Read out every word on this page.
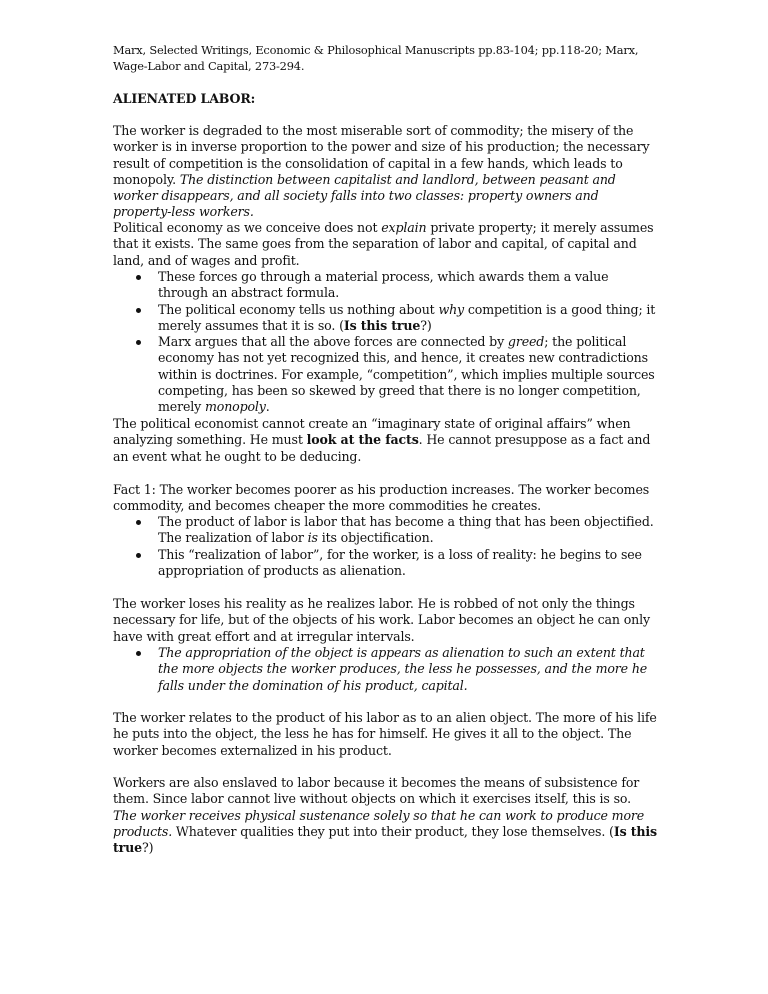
Marx, Selected Writings, Economic & Philosophical Manuscripts pp.83-104; pp.118-20; Marx, Wage-Labor and Capital, 273-294.

ALIENATED LABOR:

The worker is degraded to the most miserable sort of commodity; the misery of the worker is in inverse proportion to the power and size of his production; the necessary result of competition is the consolidation of capital in a few hands, which leads to monopoly. The distinction between capitalist and landlord, between peasant and worker disappears, and all society falls into two classes: property owners and property-less workers.

Political economy as we conceive does not explain private property; it merely assumes that it exists. The same goes from the separation of labor and capital, of capital and land, and of wages and profit.

These forces go through a material process, which awards them a value through an abstract formula.
The political economy tells us nothing about why competition is a good thing; it merely assumes that it is so. (Is this true?)
Marx argues that all the above forces are connected by greed; the political economy has not yet recognized this, and hence, it creates new contradictions within is doctrines. For example, “competition”, which implies multiple sources competing, has been so skewed by greed that there is no longer competition, merely monopoly.

The political economist cannot create an “imaginary state of original affairs” when analyzing something. He must look at the facts. He cannot presuppose as a fact and an event what he ought to be deducing.

Fact 1: The worker becomes poorer as his production increases. The worker becomes commodity, and becomes cheaper the more commodities he creates.

The product of labor is labor that has become a thing that has been objectified. The realization of labor is its objectification.
This “realization of labor”, for the worker, is a loss of reality: he begins to see appropriation of products as alienation.

The worker loses his reality as he realizes labor. He is robbed of not only the things necessary for life, but of the objects of his work. Labor becomes an object he can only have with great effort and at irregular intervals.

The appropriation of the object is appears as alienation to such an extent that the more objects the worker produces, the less he possesses, and the more he falls under the domination of his product, capital.

The worker relates to the product of his labor as to an alien object. The more of his life he puts into the object, the less he has for himself. He gives it all to the object. The worker becomes externalized in his product.

Workers are also enslaved to labor because it becomes the means of subsistence for them. Since labor cannot live without objects on which it exercises itself, this is so. The worker receives physical sustenance solely so that he can work to produce more products. Whatever qualities they put into their product, they lose themselves. (Is this true?)
